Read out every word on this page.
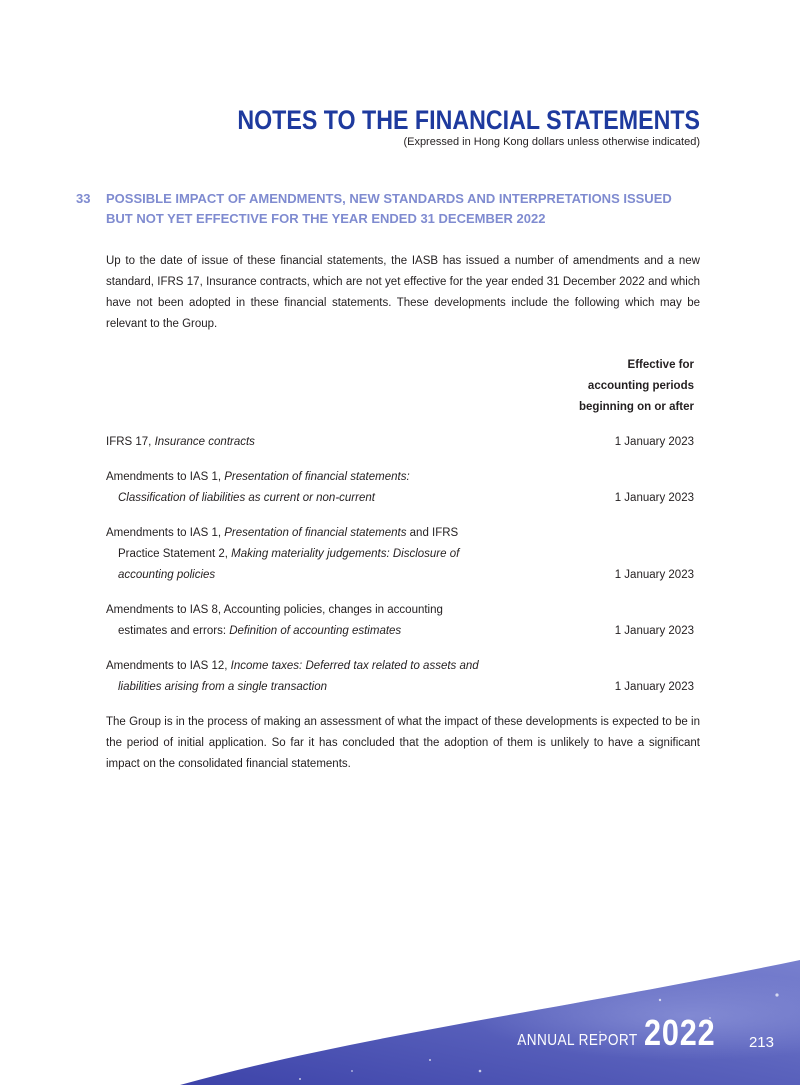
NOTES TO THE FINANCIAL STATEMENTS
(Expressed in Hong Kong dollars unless otherwise indicated)
33	POSSIBLE IMPACT OF AMENDMENTS, NEW STANDARDS AND INTERPRETATIONS ISSUED BUT NOT YET EFFECTIVE FOR THE YEAR ENDED 31 DECEMBER 2022

Up to the date of issue of these financial statements, the IASB has issued a number of amendments and a new standard, IFRS 17, Insurance contracts, which are not yet effective for the year ended 31 December 2022 and which have not been adopted in these financial statements. These developments include the following which may be relevant to the Group.

Effective for
accounting periods
beginning on or after
IFRS 17, Insurance contracts	1 January 2023
Amendments to IAS 1, Presentation of financial statements:
Classification of liabilities as current or non-current	1 January 2023
Amendments to IAS 1, Presentation of financial statements and IFRS
Practice Statement 2, Making materiality judgements: Disclosure of
accounting policies	1 January 2023
Amendments to IAS 8, Accounting policies, changes in accounting
estimates and errors: Definition of accounting estimates	1 January 2023
Amendments to IAS 12, Income taxes: Deferred tax related to assets and
liabilities arising from a single transaction	1 January 2023

The Group is in the process of making an assessment of what the impact of these developments is expected to be in the period of initial application. So far it has concluded that the adoption of them is unlikely to have a significant impact on the consolidated financial statements.

ANNUAL REPORT 2022 213
